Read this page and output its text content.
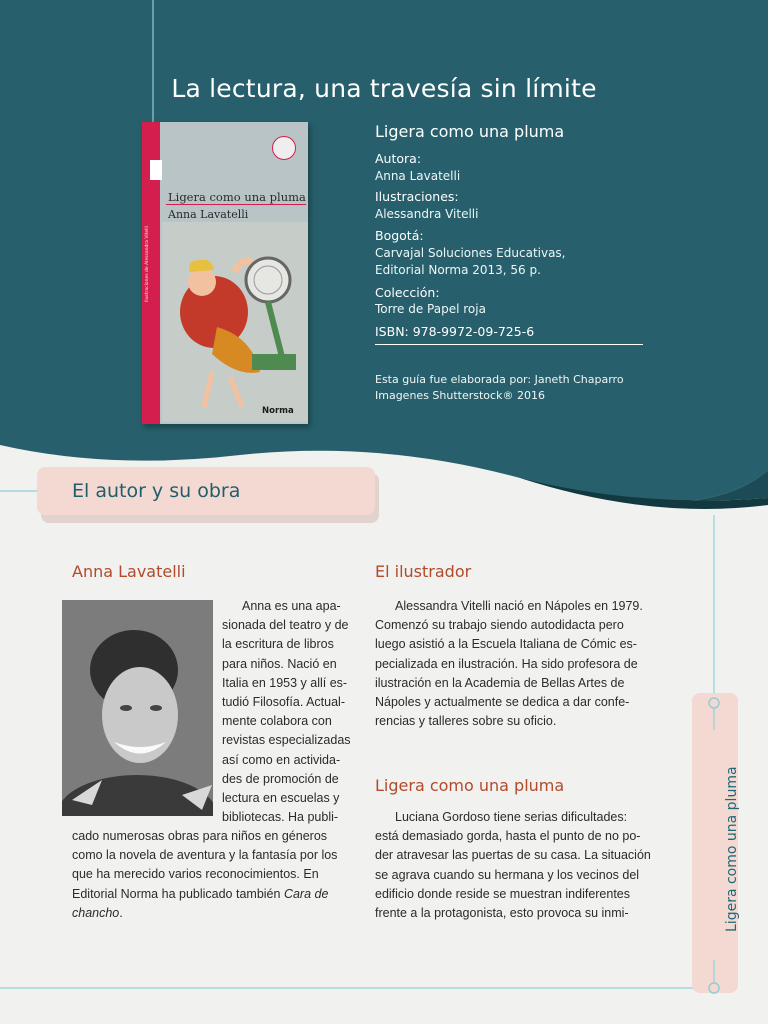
La lectura, una travesía sin límite
Ligera como una pluma
Anna Lavatelli
Ilustraciones de Alessandra Vitelli
Norma
Ligera como una pluma
Autora:
Anna Lavatelli
Ilustraciones:
Alessandra Vitelli
Bogotá:
Carvajal Soluciones Educativas,
Editorial Norma 2013, 56 p.
Colección:
Torre de Papel roja
ISBN: 978-9972-09-725-6
Esta guía fue elaborada por: Janeth Chaparro
Imagenes Shutterstock® 2016
El autor y su obra
Anna Lavatelli
Anna es una apa-
sionada del teatro y de
la escritura de libros
para niños. Nació en
Italia en 1953 y allí es-
tudió Filosofía. Actual-
mente colabora con
revistas especializadas
así como en activida-
des de promoción de
lectura en escuelas y
bibliotecas. Ha publi-
cado numerosas obras para niños en géneros
como la novela de aventura y la fantasía por los
que ha merecido varios reconocimientos. En
Editorial Norma ha publicado también Cara de
chancho.
El ilustrador
Alessandra Vitelli nació en Nápoles en 1979.
Comenzó su trabajo siendo autodidacta pero
luego asistió a la Escuela Italiana de Cómic es-
pecializada en ilustración. Ha sido profesora de
ilustración en la Academia de Bellas Artes de
Nápoles y actualmente se dedica a dar confe-
rencias y talleres sobre su oficio.
Ligera como una pluma
Luciana Gordoso tiene serias dificultades:
está demasiado gorda, hasta el punto de no po-
der atravesar las puertas de su casa. La situación
se agrava cuando su hermana y los vecinos del
edificio donde reside se muestran indiferentes
frente a la protagonista, esto provoca su inmi-	Ligera como una pluma
